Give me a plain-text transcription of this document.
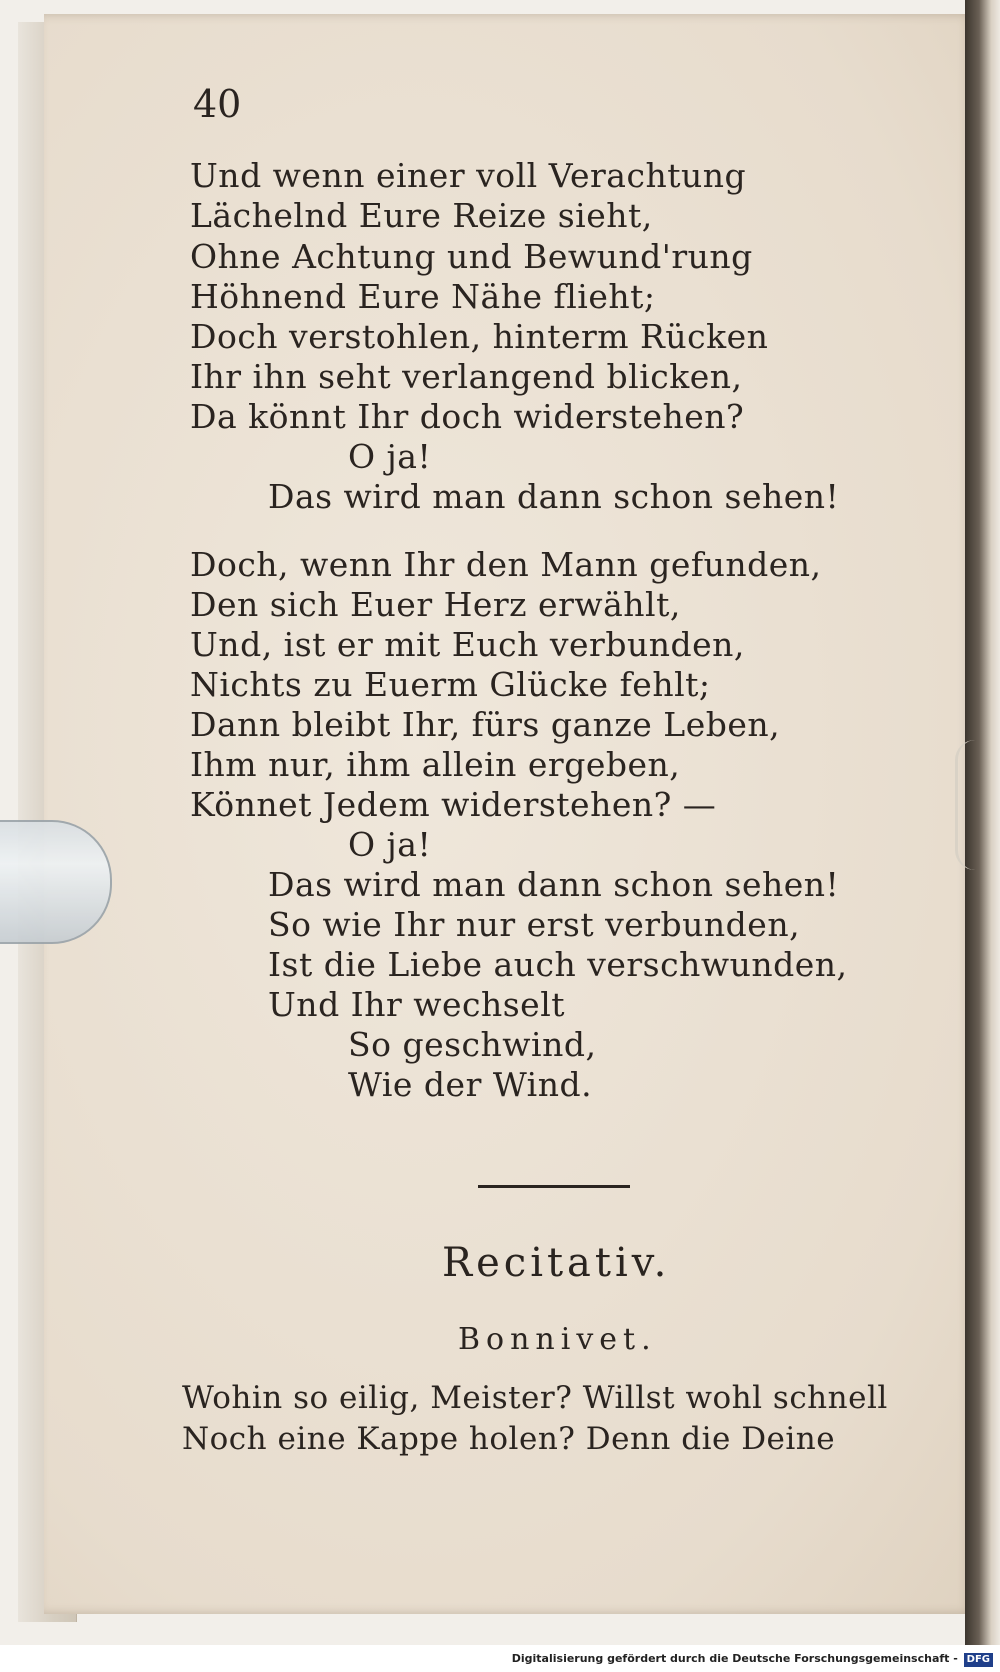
40
Und wenn einer voll Verachtung
Lächelnd Eure Reize sieht,
Ohne Achtung und Bewund'rung
Höhnend Eure Nähe flieht;
Doch verstohlen, hinterm Rücken
Ihr ihn seht verlangend blicken,
Da könnt Ihr doch widerstehen?
O ja!
Das wird man dann schon sehen!
Doch, wenn Ihr den Mann gefunden,
Den sich Euer Herz erwählt,
Und, ist er mit Euch verbunden,
Nichts zu Euerm Glücke fehlt;
Dann bleibt Ihr, fürs ganze Leben,
Ihm nur, ihm allein ergeben,
Könnet Jedem widerstehen? —
O ja!
Das wird man dann schon sehen!
So wie Ihr nur erst verbunden,
Ist die Liebe auch verschwunden,
Und Ihr wechselt
So geschwind,
Wie der Wind.
Recitativ.
Bonnivet.
Wohin so eilig, Meister? Willst wohl schnell
Noch eine Kappe holen? Denn die Deine
Digitalisierung gefördert durch die Deutsche Forschungsgemeinschaft - DFG
